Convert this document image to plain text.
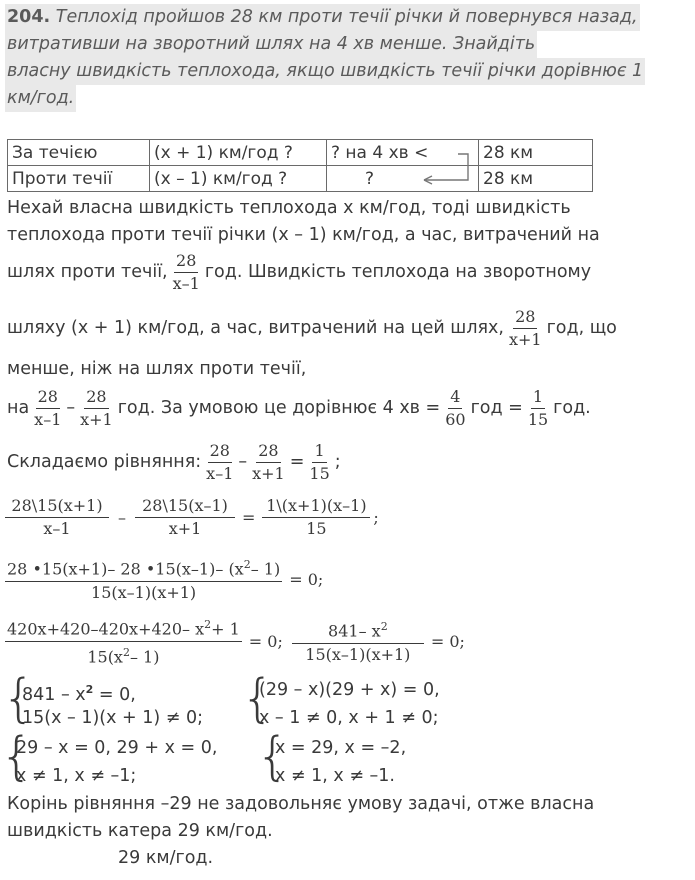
204. Теплохід пройшов 28 км проти течії річки й повернувся назад,
витративши на зворотний шлях на 4 хв менше. Знайдіть
власну швидкість теплохода, якщо швидкість течії річки дорівнює 1
км/год.
За течією	(x + 1) км/год ?	? на 4 хв <	28 км
Проти течії	(x – 1) км/год ?	?	28 км
Нехай власна швидкість теплохода x км/год, тоді швидкість
теплохода проти течії річки (x – 1) км/год, а час, витрачений на
шлях проти течії, $\frac{28}{x-1}$ год. Швидкість теплохода на зворотному
шляху (x + 1) км/год, а час, витрачений на цей шлях, $\frac{28}{x+1}$ год, що
менше, ніж на шлях проти течії,
на $\frac{28}{x-1} - \frac{28}{x+1}$ год. За умовою це дорівнює 4 хв = $\frac{4}{60}$ год = $\frac{1}{15}$ год.
Складаємо рівняння: $\frac{28}{x-1} - \frac{28}{x+1} = \frac{1}{15}$ ;
$\frac{28\backslash 15(x+1)}{x-1} - \frac{28\backslash 15(x-1)}{x+1} = \frac{1\backslash(x+1)(x-1)}{15}$ ;
$\frac{28 •15(x+1)- 28 •15(x-1)- (x^2- 1)}{15(x-1)(x+1)} = 0$;
$\frac{420x+420-420x+420- x^2+ 1}{15(x^2- 1)} = 0$; $\frac{841- x^2}{15(x-1)(x+1)} = 0$;
{
$841 - x^2 = 0$,
15(x – 1)(x + 1) ≠ 0; {
(29 – x)(29 + x) = 0,
x – 1 ≠ 0, x + 1 ≠ 0;
{
29 – x = 0, 29 + x = 0,
x ≠ 1, x ≠ –1; {
x = 29, x = –2,
x ≠ 1, x ≠ –1.
Корінь рівняння –29 не задовольняє умову задачі, отже власна
швидкість катера 29 км/год.
29 км/год.
